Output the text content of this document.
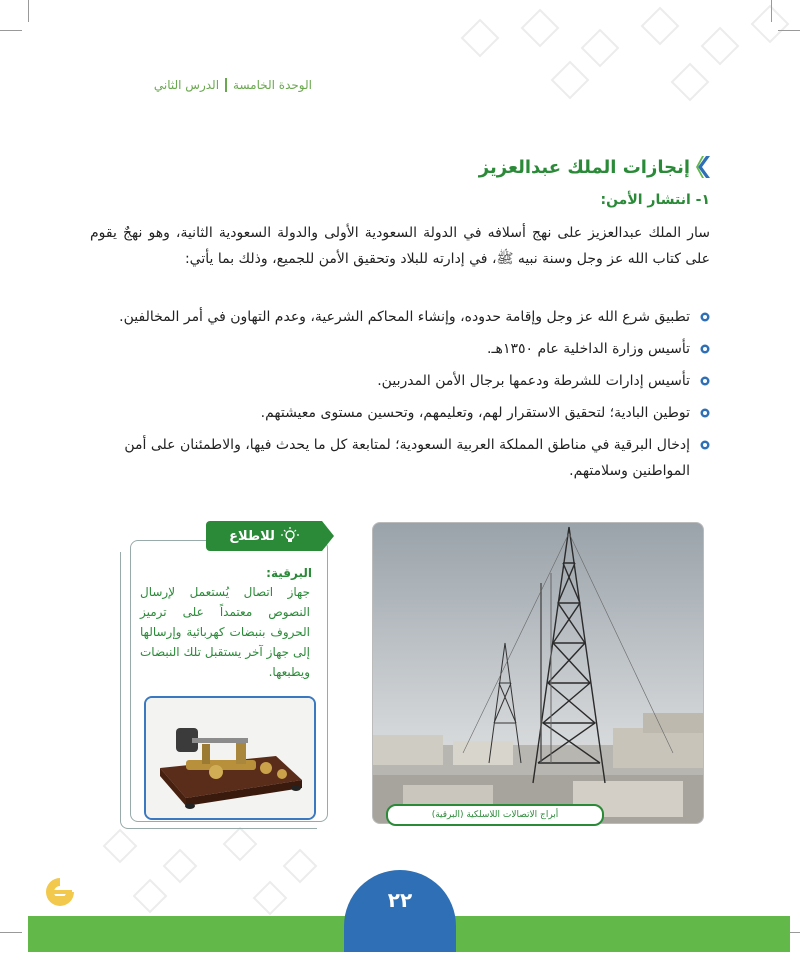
الوحدة الخامسة
الدرس الثاني
إنجازات الملك عبدالعزيز
١- انتشار الأمن:
سار الملك عبدالعزيز على نهج أسلافه في الدولة السعودية الأولى والدولة السعودية الثانية، وهو نهجٌ يقوم على كتاب الله عز وجل وسنة نبيه ﷺ، في إدارته للبلاد وتحقيق الأمن للجميع، وذلك بما يأتي:
تطبيق شرع الله عز وجل وإقامة حدوده، وإنشاء المحاكم الشرعية، وعدم التهاون في أمر المخالفين.
تأسيس وزارة الداخلية عام ١٣٥٠هـ.
تأسيس إدارات للشرطة ودعمها برجال الأمن المدربين.
توطين البادية؛ لتحقيق الاستقرار لهم، وتعليمهم، وتحسين مستوى معيشتهم.
إدخال البرقية في مناطق المملكة العربية السعودية؛ لمتابعة كل ما يحدث فيها، والاطمئنان على أمن المواطنين وسلامتهم.
أبراج الاتصالات اللاسلكية (البرقية)
للاطلاع
البرقية:
جهاز اتصال يُستعمل لإرسال النصوص معتمداً على ترميز الحروف بنبضات كهربائية وإرسالها إلى جهاز آخر يستقبل تلك النبضات ويطبعها.
٢٢
